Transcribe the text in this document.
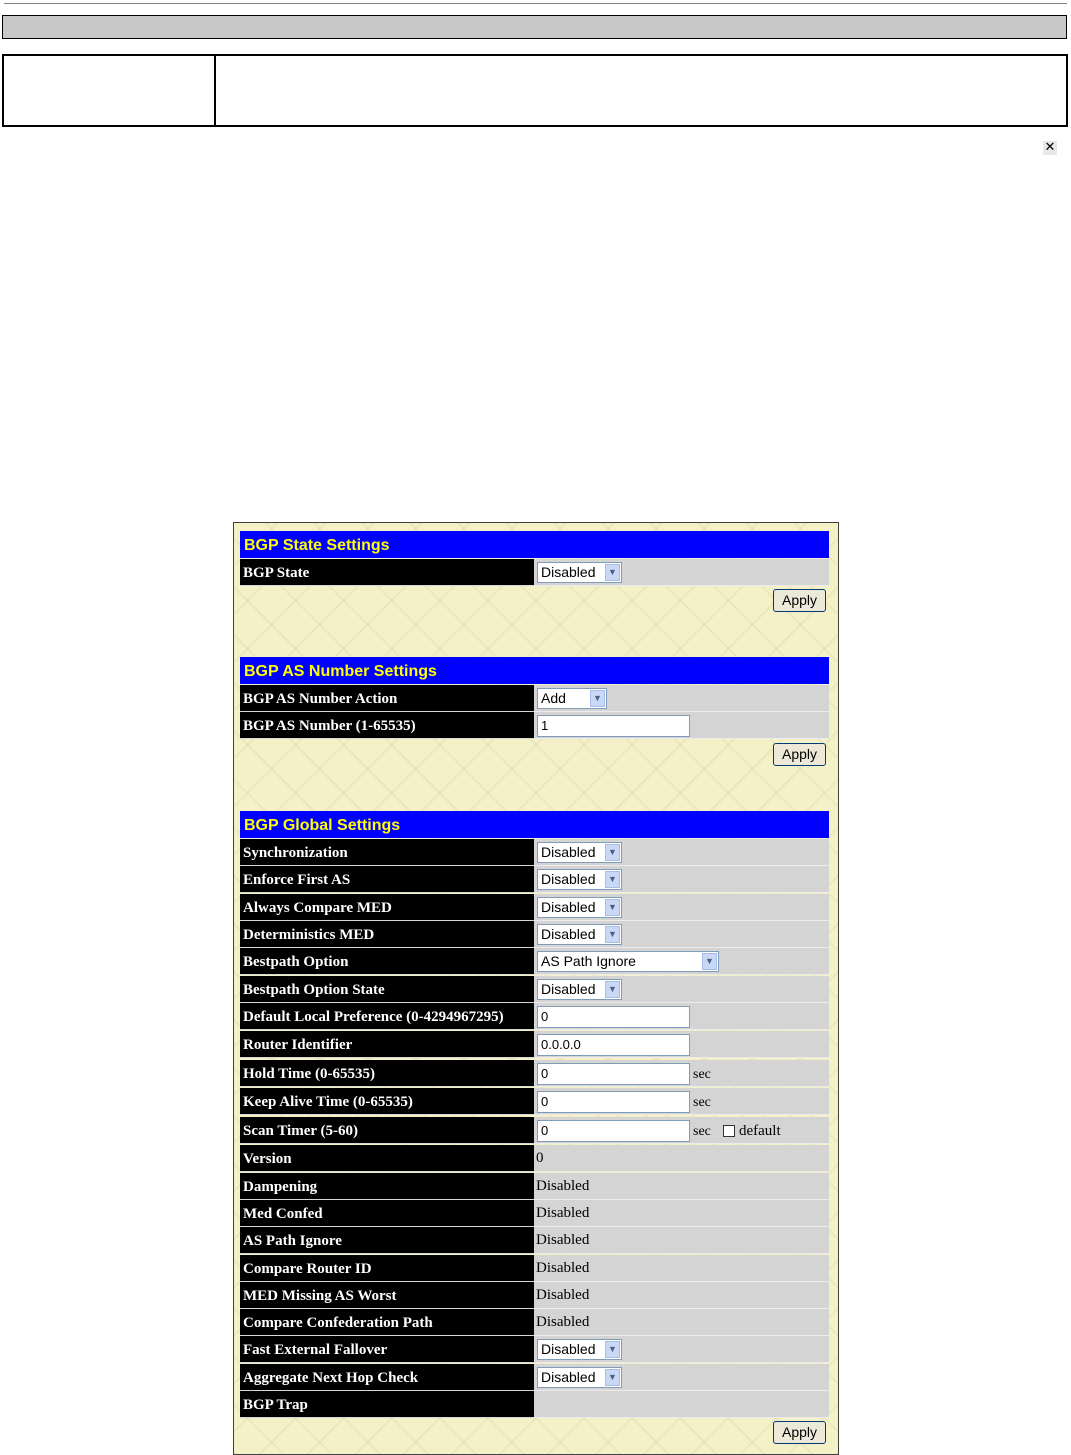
✕
BGP State Settings
BGP State	Disabled	▼
Apply
BGP AS Number Settings
BGP AS Number Action	Add	▼
BGP AS Number (1-65535)	1
Apply
BGP Global Settings
Synchronization	Disabled	▼
Enforce First AS	Disabled	▼
Always Compare MED	Disabled	▼
Deterministics MED	Disabled	▼
Bestpath Option	AS Path Ignore	▼
Bestpath Option State	Disabled	▼
Default Local Preference (0-4294967295)	0
Router Identifier	0.0.0.0
Hold Time (0-65535)	0	sec
Keep Alive Time (0-65535)	0	sec
Scan Timer (5-60)	0	sec default
Version	0
Dampening	Disabled
Med Confed	Disabled
AS Path Ignore	Disabled
Compare Router ID	Disabled
MED Missing AS Worst	Disabled
Compare Confederation Path	Disabled
Fast External Fallover	Disabled	▼
Aggregate Next Hop Check	Disabled	▼
BGP Trap
Apply
